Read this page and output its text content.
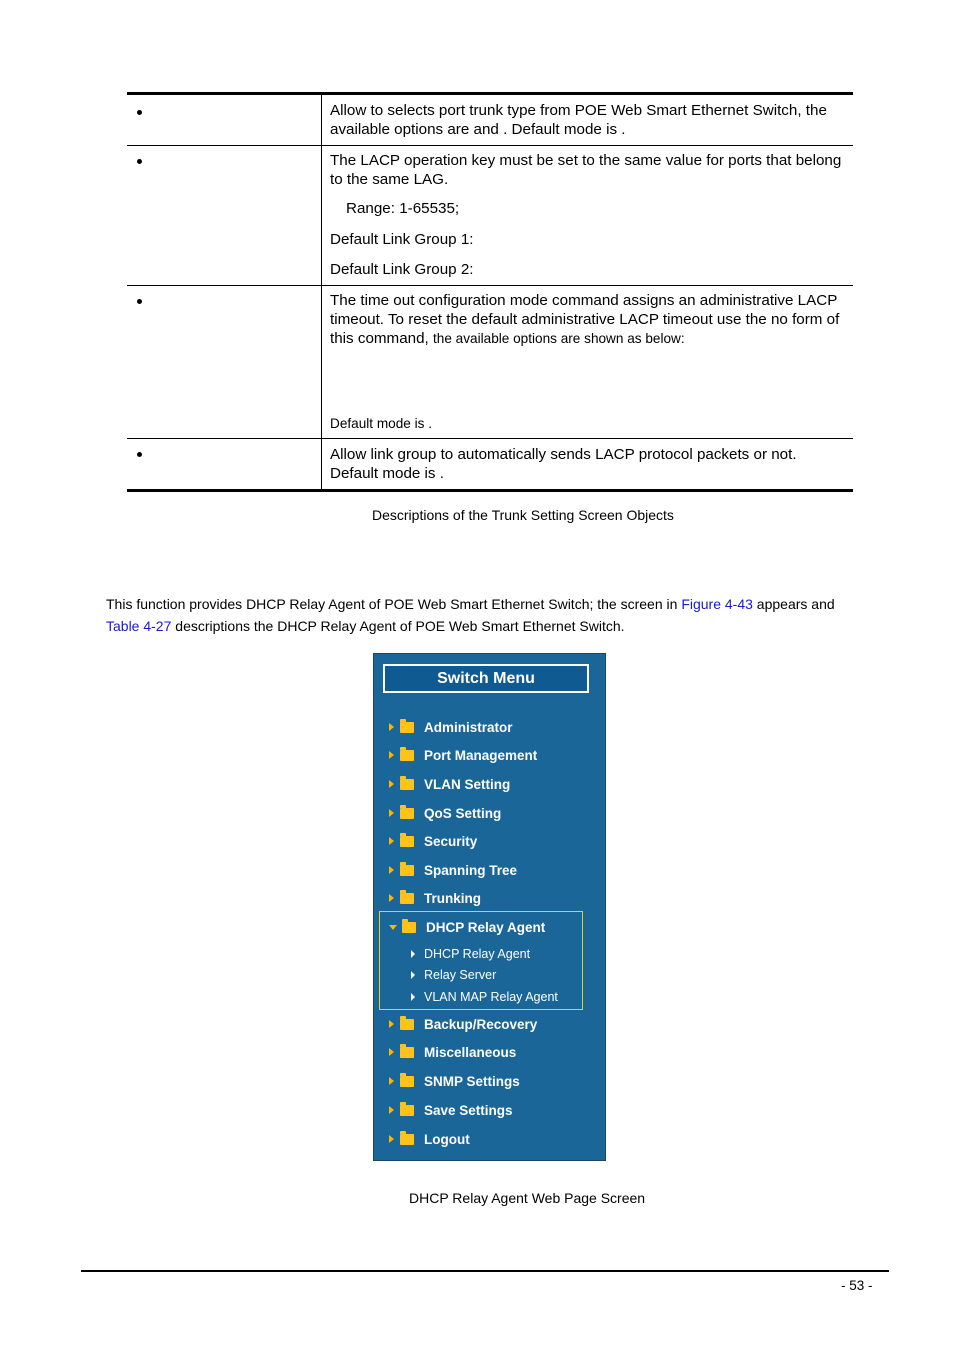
Allow to selects port trunk type from POE Web Smart Ethernet Switch, the available options are and . Default mode is .
The LACP operation key must be set to the same value for ports that belong to the same LAG.
Range: 1-65535;
Default Link Group 1:
Default Link Group 2:
The time out configuration mode command assigns an administrative LACP timeout. To reset the default administrative LACP timeout use the no form of this command, the available options are shown as below:
Default mode is .
Allow link group to automatically sends LACP protocol packets or not. Default mode is .
Descriptions of the Trunk Setting Screen Objects
This function provides DHCP Relay Agent of POE Web Smart Ethernet Switch; the screen in Figure 4-43 appears and
Table 4-27 descriptions the DHCP Relay Agent of POE Web Smart Ethernet Switch.
Switch Menu
Administrator
Port Management
VLAN Setting
QoS Setting
Security
Spanning Tree
Trunking
DHCP Relay Agent
DHCP Relay Agent
Relay Server
VLAN MAP Relay Agent
Backup/Recovery
Miscellaneous
SNMP Settings
Save Settings
Logout
DHCP Relay Agent Web Page Screen
- 53 -
